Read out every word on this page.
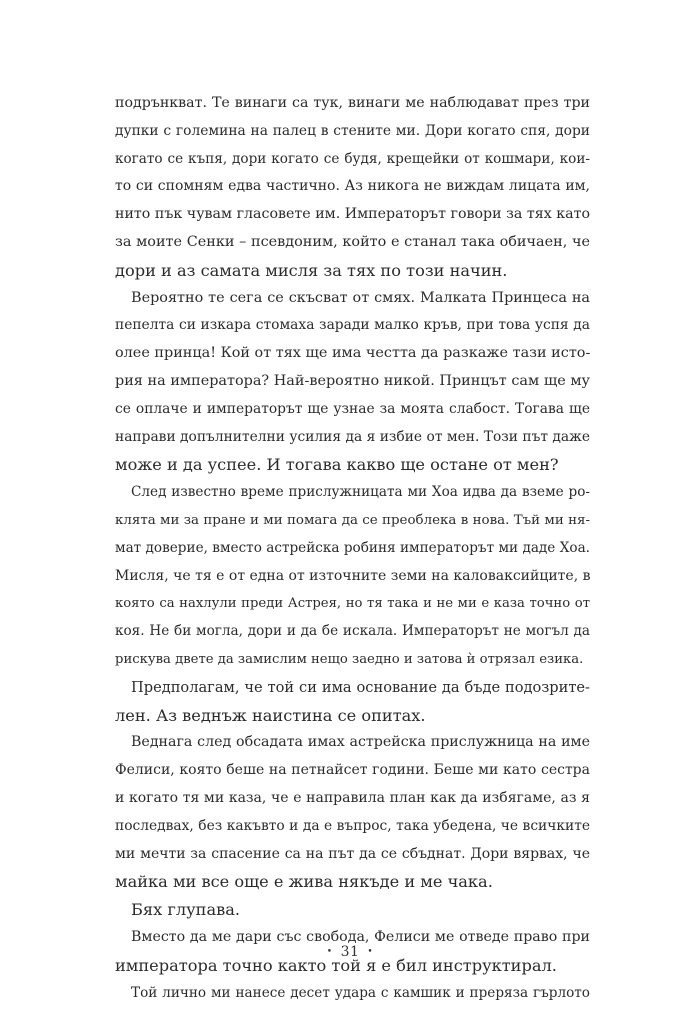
подрънкват. Те винаги са тук, винаги ме наблюдават през три
дупки с големина на палец в стените ми. Дори когато спя, дори
когато се къпя, дори когато се будя, крещейки от кошмари, кои-
то си спомням едва частично. Аз никога не виждам лицата им,
нито пък чувам гласовете им. Императорът говори за тях като
за моите Сенки – псевдоним, който е станал така обичаен, че
дори и аз самата мисля за тях по този начин.
Вероятно те сега се скъсват от смях. Малката Принцеса на
пепелта си изкара стомаха заради малко кръв, при това успя да
олее принца! Кой от тях ще има честта да разкаже тази исто-
рия на императора? Най-вероятно никой. Принцът сам ще му
се оплаче и императорът ще узнае за моята слабост. Тогава ще
направи допълнителни усилия да я избие от мен. Този път даже
може и да успее. И тогава какво ще остане от мен?
След известно време прислужницата ми Хоа идва да вземе ро-
клята ми за пране и ми помага да се преоблека в нова. Тъй ми ня-
мат доверие, вместо астрейска робиня императорът ми даде Хоа.
Мисля, че тя е от една от източните земи на каловаксийците, в
която са нахлули преди Астрея, но тя така и не ми е каза точно от
коя. Не би могла, дори и да бе искала. Императорът не могъл да
рискува двете да замислим нещо заедно и затова ѝ отрязал езика.
Предполагам, че той си има основание да бъде подозрите-
лен. Аз веднъж наистина се опитах.
Веднага след обсадата имах астрейска прислужница на име
Фелиси, която беше на петнайсет години. Беше ми като сестра
и когато тя ми каза, че е направила план как да избягаме, аз я
последвах, без какъвто и да е въпрос, така убедена, че всичките
ми мечти за спасение са на път да се сбъднат. Дори вярвах, че
майка ми все още е жива някъде и ме чака.
Бях глупава.
Вместо да ме дари със свобода, Фелиси ме отведе право при
императора точно както той я е бил инструктирал.
Той лично ми нанесе десет удара с камшик и преряза гърлото
• 31 •
